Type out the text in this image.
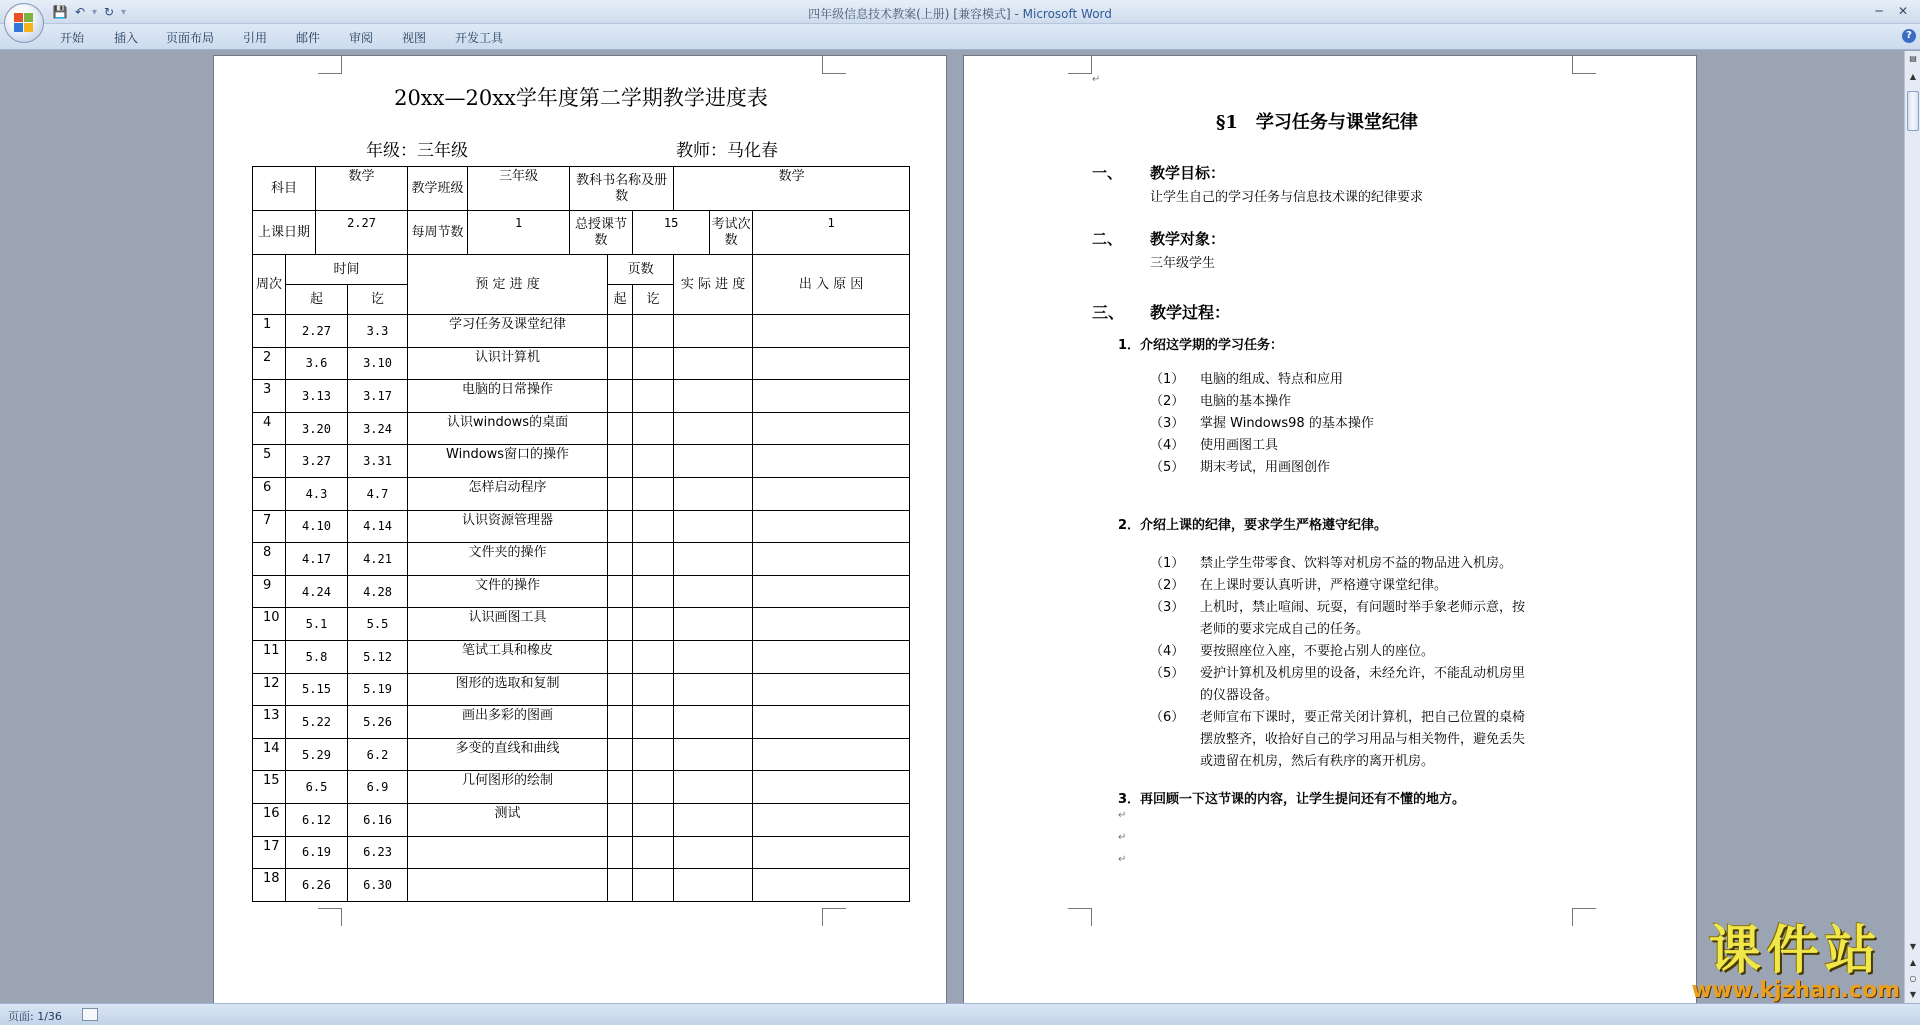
💾 ↶ ▾ ↻ ▾	四年级信息技术教案(上册) [兼容模式] - Microsoft Word	─	✕
开始 插入 页面布局 引用 邮件 审阅 视图 开发工具	?
20xx—20xx学年度第二学期教学进度表
年级：三年级	教师：马化春
科目		数学		教学班级	三年级	教科书名称及册数			数学		
上课日期		2.27		每周节数	1	总授课节数		15		考试次数	1
周次	时间			预 定 进 度			页数		实 际 进 度		出 入 原 因
	起		讫				起	讫			
1	2.27		3.3	学习任务及课堂纪律							
2	3.6		3.10	认识计算机							
3	3.13		3.17	电脑的日常操作							
4	3.20		3.24	认识windows的桌面							
5	3.27		3.31	Windows窗口的操作							
6	4.3		4.7	怎样启动程序							
7	4.10		4.14	认识资源管理器							
8	4.17		4.21	文件夹的操作							
9	4.24		4.28	文件的操作							
10	5.1		5.5	认识画图工具							
11	5.8		5.12	笔试工具和橡皮							
12	5.15		5.19	图形的选取和复制							
13	5.22		5.26	画出多彩的图画							
14	5.29		6.2	多变的直线和曲线							
15	6.5		6.9	几何图形的绘制							
16	6.12		6.16	测试							
17	6.19		6.23								
18	6.26		6.30								
↵
§1　学习任务与课堂纪律
一、 教学目标：
让学生自己的学习任务与信息技术课的纪律要求
二、 教学对象：
三年级学生
三、 教学过程：
1．介绍这学期的学习任务：
2．介绍上课的纪律，要求学生严格遵守纪律。
3．再回顾一下这节课的内容，让学生提问还有不懂的地方。
↵
↵
↵
（1） 电脑的组成、特点和应用
（2） 电脑的基本操作
（3） 掌握 Windows98 的基本操作
（4） 使用画图工具
（5） 期末考试，用画图创作
（1） 禁止学生带零食、饮料等对机房不益的物品进入机房。
（2） 在上课时要认真听讲，严格遵守课堂纪律。
（3） 上机时，禁止喧闹、玩耍，有问题时举手象老师示意，按
老师的要求完成自己的任务。
（4） 要按照座位入座，不要抢占别人的座位。
（5） 爱护计算机及机房里的设备，未经允许，不能乱动机房里
的仪器设备。
（6） 老师宣布下课时，要正常关闭计算机，把自己位置的桌椅
摆放整齐，收拾好自己的学习用品与相关物件，避免丢失
或遗留在机房，然后有秩序的离开机房。
▤
▲
▼
▲
○
▼
页面: 1/36
课件站
www.kjzhan.com
